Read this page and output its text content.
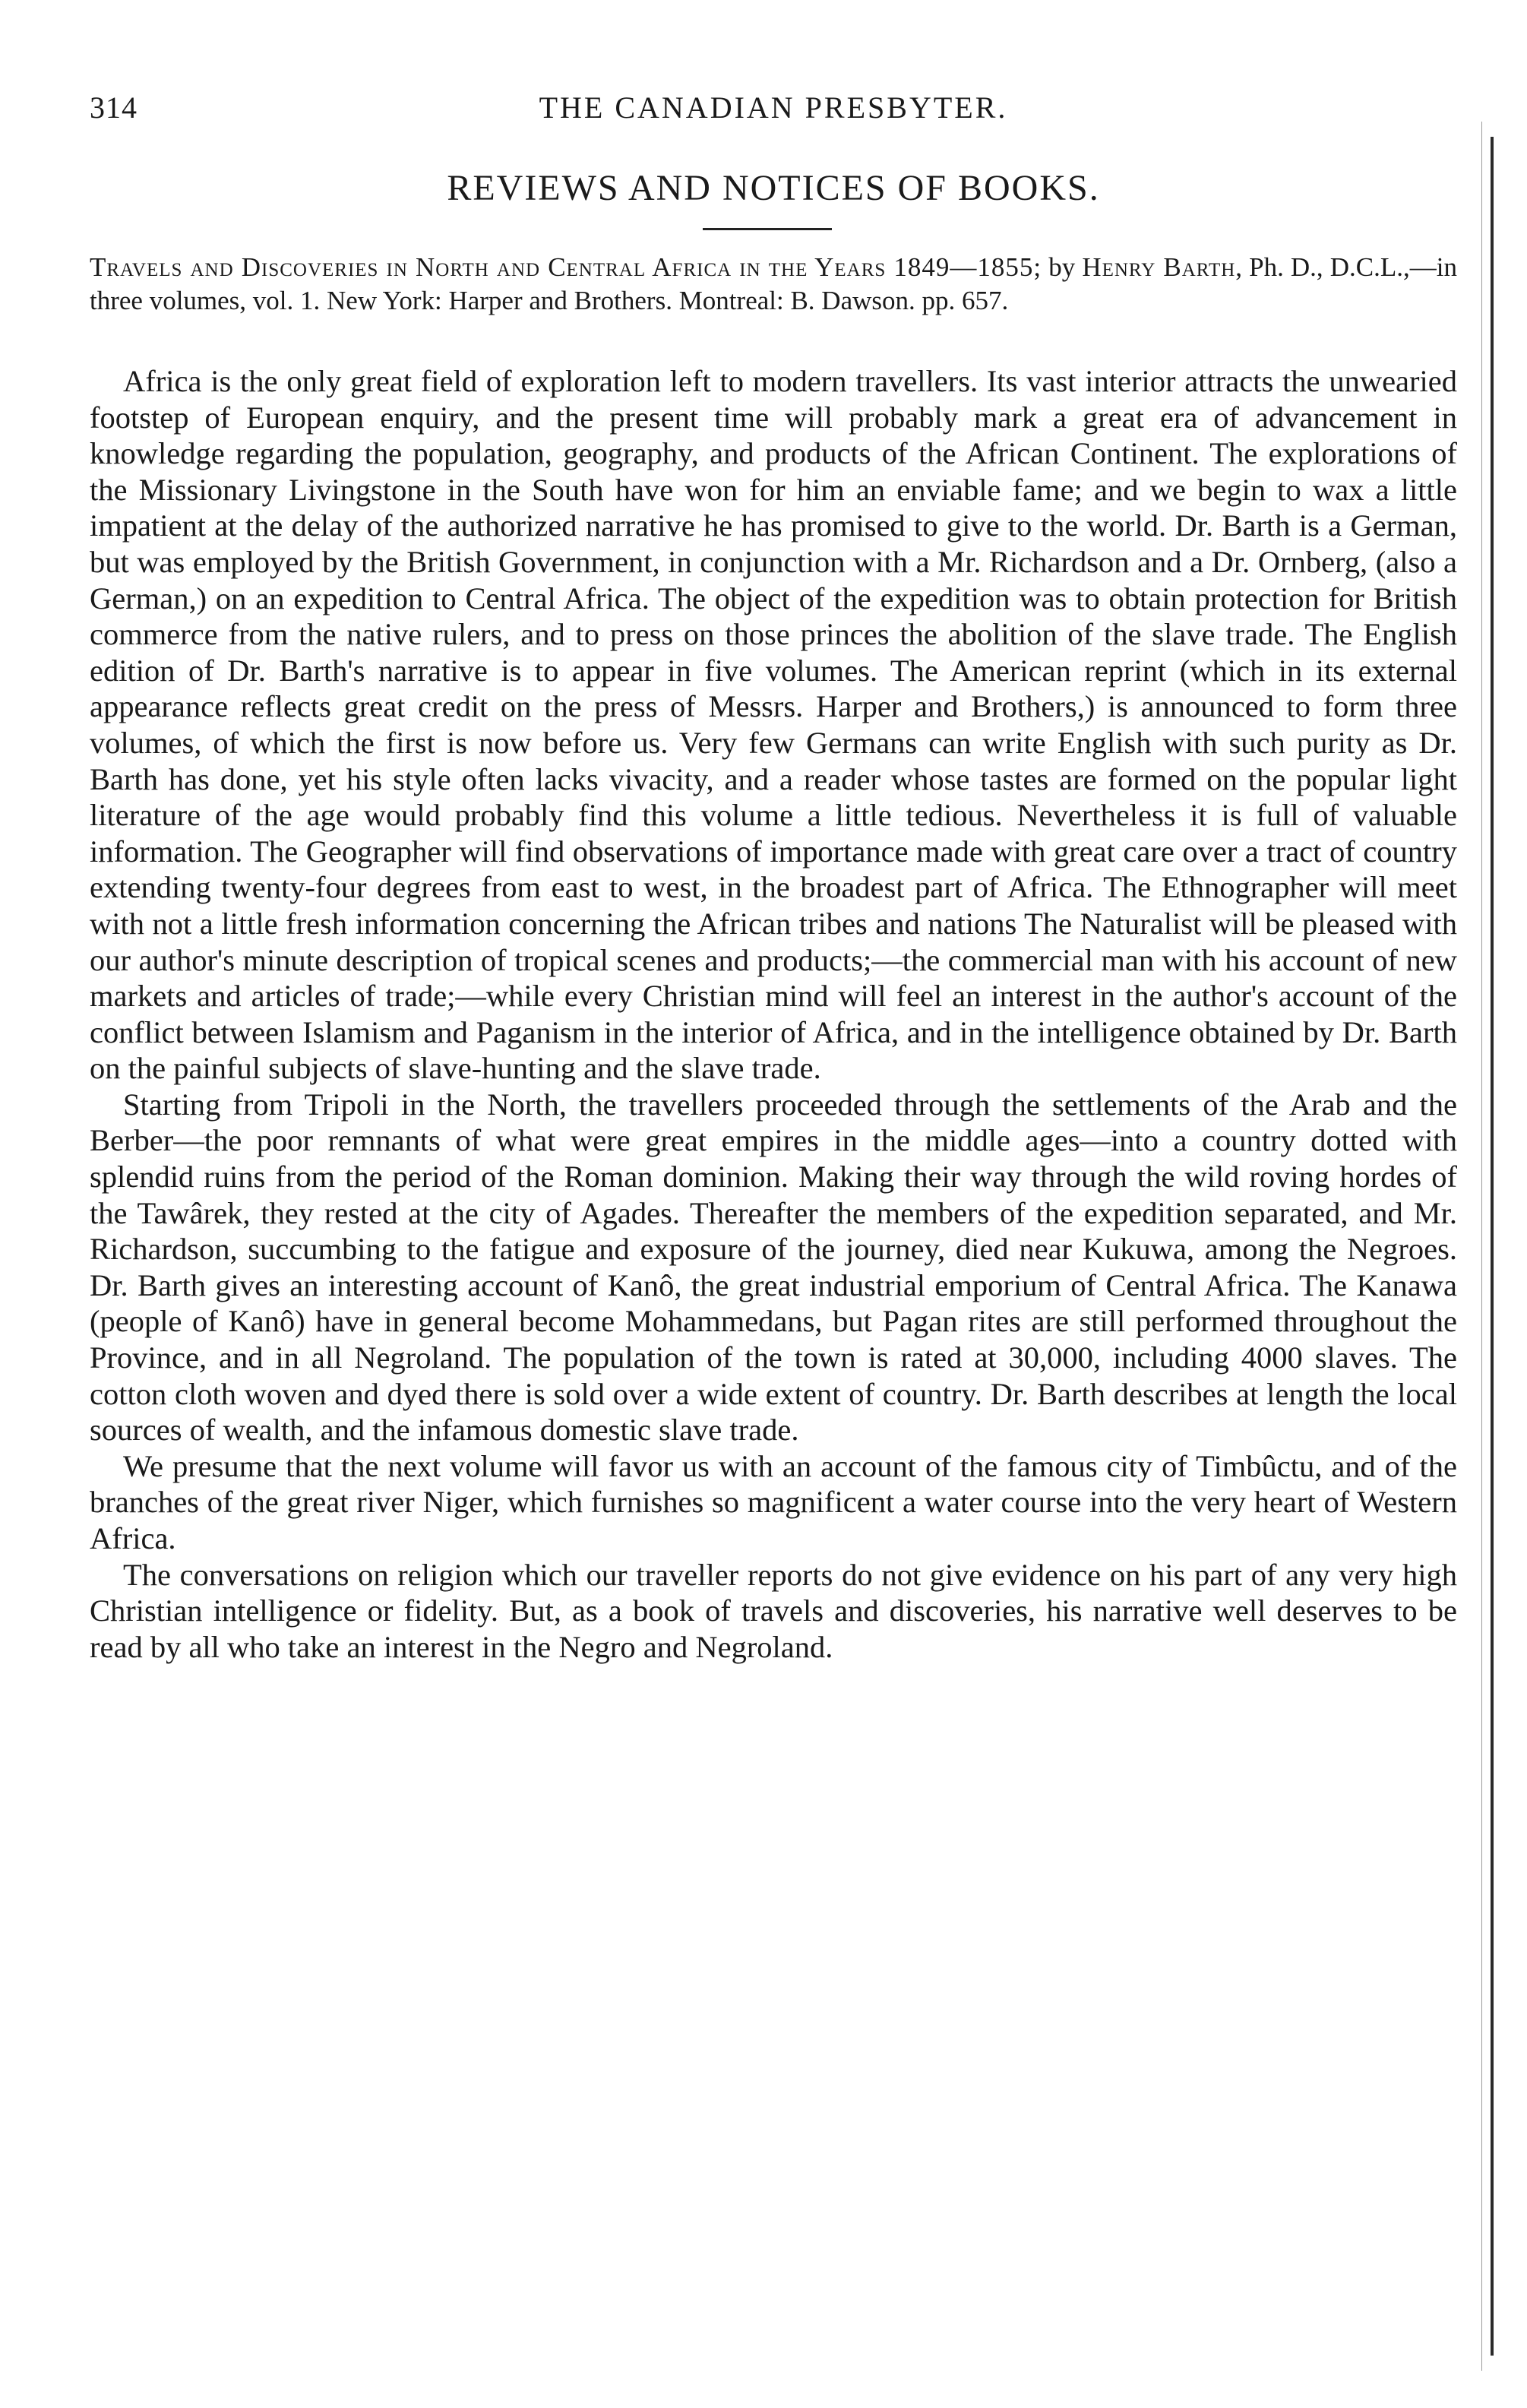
314	THE CANADIAN PRESBYTER.
REVIEWS AND NOTICES OF BOOKS.
Travels and Discoveries in North and Central Africa in the Years 1849—1855; by Henry Barth, Ph. D., D.C.L.,—in three volumes, vol. 1. New York: Harper and Brothers. Montreal: B. Dawson. pp. 657.

Africa is the only great field of exploration left to modern travellers. Its vast interior attracts the unwearied footstep of European enquiry, and the present time will probably mark a great era of advancement in knowledge regarding the population, geography, and products of the African Continent. The explorations of the Missionary Livingstone in the South have won for him an enviable fame; and we begin to wax a little impatient at the delay of the authorized narrative he has promised to give to the world. Dr. Barth is a German, but was employed by the British Government, in conjunction with a Mr. Richardson and a Dr. Ornberg, (also a German,) on an expedition to Central Africa. The object of the expedition was to obtain protection for British commerce from the native rulers, and to press on those princes the abolition of the slave trade. The English edition of Dr. Barth's narrative is to appear in five volumes. The American reprint (which in its external appearance reflects great credit on the press of Messrs. Harper and Brothers,) is announced to form three volumes, of which the first is now before us. Very few Germans can write English with such purity as Dr. Barth has done, yet his style often lacks vivacity, and a reader whose tastes are formed on the popular light literature of the age would probably find this volume a little tedious. Nevertheless it is full of valuable information. The Geographer will find observations of importance made with great care over a tract of country extending twenty-four degrees from east to west, in the broadest part of Africa. The Ethnographer will meet with not a little fresh information concerning the African tribes and nations The Naturalist will be pleased with our author's minute description of tropical scenes and products;—the commercial man with his account of new markets and articles of trade;—while every Christian mind will feel an interest in the author's account of the conflict between Islamism and Paganism in the interior of Africa, and in the intelligence obtained by Dr. Barth on the painful subjects of slave-hunting and the slave trade.

Starting from Tripoli in the North, the travellers proceeded through the settlements of the Arab and the Berber—the poor remnants of what were great empires in the middle ages—into a country dotted with splendid ruins from the period of the Roman dominion. Making their way through the wild roving hordes of the Tawârek, they rested at the city of Agades. Thereafter the members of the expedition separated, and Mr. Richardson, succumbing to the fatigue and exposure of the journey, died near Kukuwa, among the Negroes. Dr. Barth gives an interesting account of Kanô, the great industrial emporium of Central Africa. The Kanawa (people of Kanô) have in general become Mohammedans, but Pagan rites are still performed throughout the Province, and in all Negroland. The population of the town is rated at 30,000, including 4000 slaves. The cotton cloth woven and dyed there is sold over a wide extent of country. Dr. Barth describes at length the local sources of wealth, and the infamous domestic slave trade.

We presume that the next volume will favor us with an account of the famous city of Timbûctu, and of the branches of the great river Niger, which furnishes so magnificent a water course into the very heart of Western Africa.

The conversations on religion which our traveller reports do not give evidence on his part of any very high Christian intelligence or fidelity. But, as a book of travels and discoveries, his narrative well deserves to be read by all who take an interest in the Negro and Negroland.
